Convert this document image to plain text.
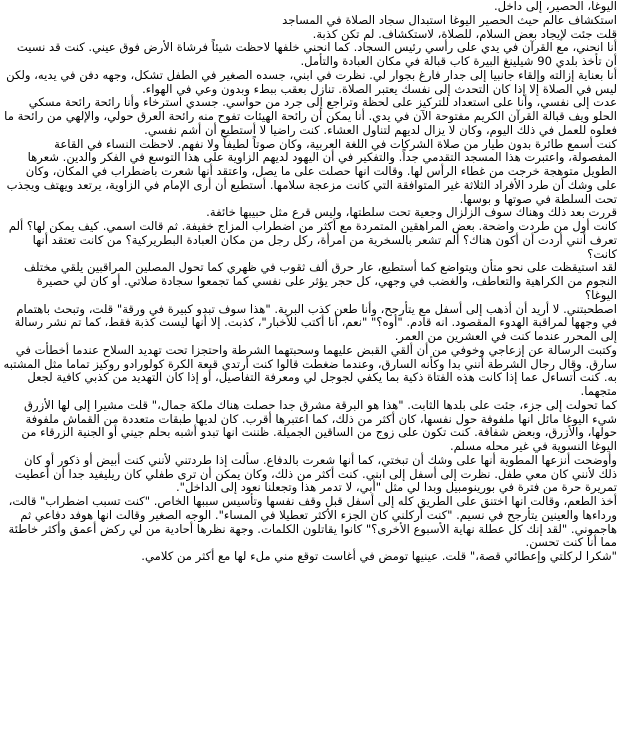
اليوغا، الحصير، إلى داخل.

استكشاف عالم حيث الحصير اليوغا استبدال سجاد الصلاة في المساجد

قلت جئت لإيجاد بعض السلام، للصلاة، لاستكشاف. لم تكن كذبة.

أنا انحني، مع القرآن في يدي على رأسي رئيس السجاد. كما انحني خلفها لاحظت شيئاً فرشاة الأرض فوق عيني. كنت قد نسيت أن تأخذ بلدي 90 شيلينغ البيرة كاب قبالة في مكان العبادة والتأمل.

أنا بعناية إزالته وإلقاء جانبيا إلى جدار فارغ بجوار لي. نظرت في ابني، جسده الصغير في الطفل تشكل، وجهه دفن في يديه، ولكن ليس في الصلاة إلا إذا كان التحدث إلى نفسك يعتبر الصلاة. تنازل بعقب ببطء وبدون وعي في الهواء.

عدت إلى نفسي، وأنا على استعداد للتركيز على لحظة وتراجع إلى جرد من حواسي. جسدي استرخاء وأنا رائحة رائحة مسكي الحلو ويف قبالة القرآن الكريم مفتوحة الآن في يدي. أنا يمكن أن رائحة الهيئات تفوح منه رائحة العرق حولي، والإلهي من رائحة ما فعلوه للعمل في ذلك اليوم، وكان لا يزال لديهم لتناول العشاء. كنت راضيا لا أستطيع أن أشم نفسي.

كنت أسمع طائرة بدون طيار من صلاة الشركات في اللغة العربية، وكان صوتاً لطيفاً ولا نفهم. لاحظت النساء في القاعة المفصولة، واعتبرت هذا المسجد التقدمي جداً. والتفكير في أن اليهود لديهم الزاوية على هذا التوسع في الفكر والدين. شعرها الطويل متوهجة خرجت من غطاء الرأس لها. وقالت انها حصلت على ما يصل، واعتقد أنها شعرت باضطراب في المكان، وكان على وشك أن طرد الأفراد الثلاثة غير المتوافقة التي كانت مزعجة سلامها. أستطيع أن أرى الإمام في الزاوية، يرتعد ويهتف ويجذب تحت السلطة في صوتها و بوسها.

قررت بعد ذلك وهناك سوف الزلزال وجعية تحت سلطتها، وليس قرع مثل حبيبها خائفة.

كانت أول من طردت واضحة. بعض المراهقين المتمردة مع أكثر من اضطراب المزاج خفيفة. ثم قالت اسمي. كيف يمكن لها؟ ألم تعرف أنني أردت أن أكون هناك؟ ألم تشعر بالسخرية من امرأة، ركل رجل من مكان العبادة البطريركية؟ من كانت تعتقد أنها كانت؟

لقد استيقظت على نحو متأن ويتواضع كما أستطيع، عار حرق ألف ثقوب في ظهري كما تحول المصلين المراقبين يلقي مختلف النجوم من الكراهية والتعاطف، والغضب في وجهي، كل حجر يؤثر على نفسي كما تجمعوا سجادة صلاتي. أو كان لي حصيرة اليوغا؟

اصطحبتني. لا أريد أن أذهب إلى أسفل مع يتأرجح، وأنا طعن كذب البرية. "هذا سوف تبدو كبيرة في ورقة" قلت، وتبحث باهتمام في وجهها لمراقبة الهدوء المقصود. انه قادم. "أوه؟" "نعم، أنا أكتب للأخبار"، كذبت. إلا أنها ليست كذبة فقط، كما تم نشر رسالة إلى المحرر عندما كنت في العشرين من العمر.

وكتبت الرسالة عن إزعاجي وخوفي من أن ألقي القبض عليهما وسحبتهما الشرطة واحتجزا تحت تهديد السلاح عندما أخطأت في سارق. وقال رجال الشرطة أنني بدا وكأنه السارق، وعندما ضغطت قالوا كنت أرتدي قبعة الكرة كولورادو روكيز تماما مثل المشتبه به. كنت أتساءل عما إذا كانت هذه الفتاة ذكية بما يكفي لجوجل لي ومعرفة التفاصيل، أو إذا كان التهديد من كذبي كافية لجعل متجهما.

كما تحولت إلى جزء، جئت على بلدها الثابت. "هذا هو البرقة مشرق جدا حصلت هناك ملكة جمال،" قلت مشيرا إلى لها الأزرق شيء اليوغا مائل انها ملفوفة حول نفسها، كان أكثر من ذلك، كما اعتبرها أقرب. كان لديها طبقات متعددة من القماش ملفوفة حولها، والأزرق، وبعض شفافة. كنت تكون على زوج من الساقين الجميلة. ظننت انها تبدو أشبه بحلم جيني أو الجنية الزرقاء من اليوغا النسوية في غير محله مسلم.

وأوضحت أنزعها المطوية أنها على وشك أن تبختي، كما أنها شعرت بالدفاع. سألت إذا طردتني لأنني كنت أبيض أو ذكور أو كان ذلك لأنني كان معي طفل. نظرت إلى أسفل إلى ابني. كنت أكثر من ذلك، وكان يمكن أن ترى طفلي كان ريليفيد جدا أن أعطيت تمريرة حرة من فترة في بورينومبيل وبدا لي مثل "أبي، لا تدمر هذا وتجعلنا نعود إلى الداخل".

أخذ الطعم، وقالت انها اختنق على الطريق كله إلى أسفل قبل وقف نفسها وتأسيس سببها الخاص. "كنت تسبب اضطراب" قالت، ورداءها والعينين يتأرجح في نسيم. "كنت أركلني كان الجزء الأكثر تعطيلا في المساء". الوجه الصغير وقالت انها هوفد دفاعي ثم هاجموني. "لقد إنك كل عطلة نهاية الأسبوع الأخرى؟" كانوا يقاتلون الكلمات. وجهة نظرها أحادية من لي ركض أعمق وأكثر خاطئة مما أنا كنت تحسن.

"شكرا لركلتي وإعطائي قصة،" قلت. عينيها تومض في أغاست توقع مني ملء لها مع أكثر من كلامي.
